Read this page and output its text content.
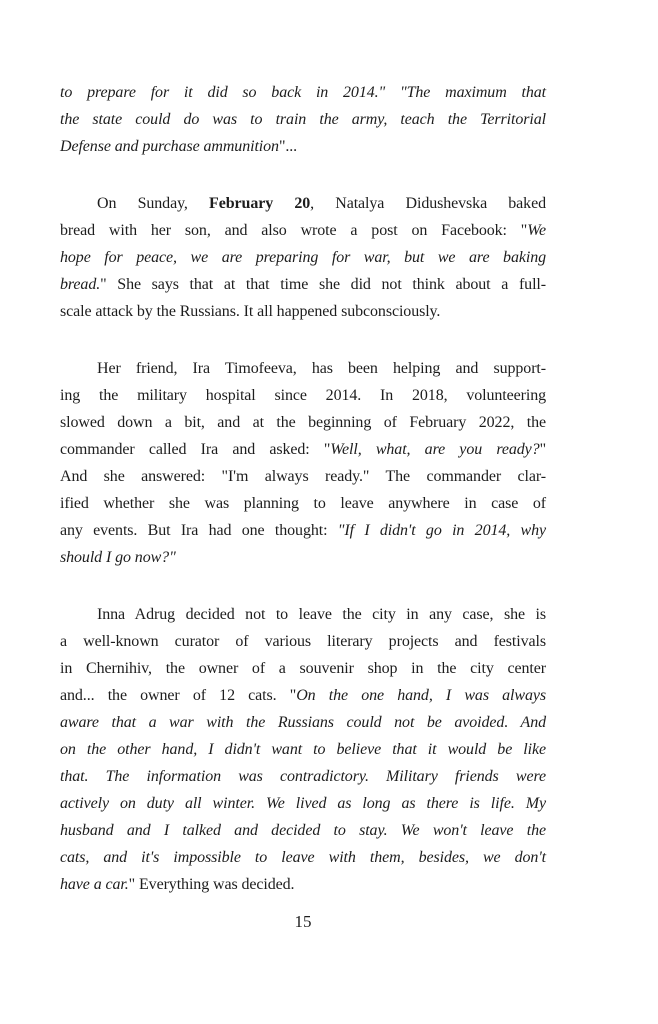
to prepare for it did so back in 2014." "The maximum that
the state could do was to train the army, teach the Territorial
Defense and purchase ammunition"...
On Sunday, February 20, Natalya Didushevska baked
bread with her son, and also wrote a post on Facebook: "We
hope for peace, we are preparing for war, but we are baking
bread." She says that at that time she did not think about a full-
scale attack by the Russians. It all happened subconsciously.
Her friend, Ira Timofeeva, has been helping and support-
ing the military hospital since 2014. In 2018, volunteering
slowed down a bit, and at the beginning of February 2022, the
commander called Ira and asked: "Well, what, are you ready?"
And she answered: "I'm always ready." The commander clar-
ified whether she was planning to leave anywhere in case of
any events. But Ira had one thought: "If I didn't go in 2014, why
should I go now?"
Inna Adrug decided not to leave the city in any case, she is
a well-known curator of various literary projects and festivals
in Chernihiv, the owner of a souvenir shop in the city center
and... the owner of 12 cats. "On the one hand, I was always
aware that a war with the Russians could not be avoided. And
on the other hand, I didn't want to believe that it would be like
that. The information was contradictory. Military friends were
actively on duty all winter. We lived as long as there is life. My
husband and I talked and decided to stay. We won't leave the
cats, and it's impossible to leave with them, besides, we don't
have a car." Everything was decided.
15
